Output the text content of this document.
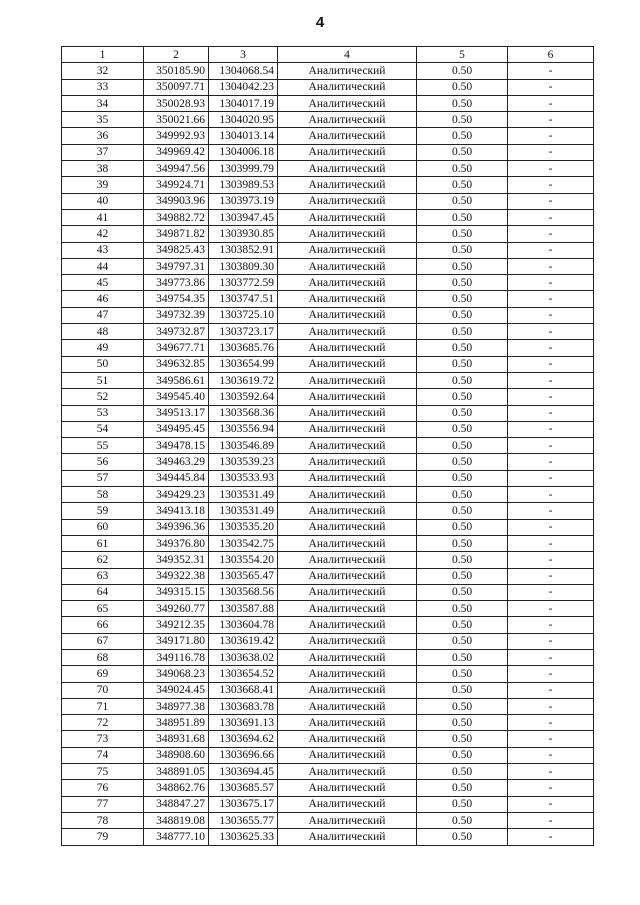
4
1	2	3	4	5	6
32	350185.90	1304068.54	Аналитический	0.50	-
33	350097.71	1304042.23	Аналитический	0.50	-
34	350028.93	1304017.19	Аналитический	0.50	-
35	350021.66	1304020.95	Аналитический	0.50	-
36	349992.93	1304013.14	Аналитический	0.50	-
37	349969.42	1304006.18	Аналитический	0.50	-
38	349947.56	1303999.79	Аналитический	0.50	-
39	349924.71	1303989.53	Аналитический	0.50	-
40	349903.96	1303973.19	Аналитический	0.50	-
41	349882.72	1303947.45	Аналитический	0.50	-
42	349871.82	1303930.85	Аналитический	0.50	-
43	349825.43	1303852.91	Аналитический	0.50	-
44	349797.31	1303809.30	Аналитический	0.50	-
45	349773.86	1303772.59	Аналитический	0.50	-
46	349754.35	1303747.51	Аналитический	0.50	-
47	349732.39	1303725.10	Аналитический	0.50	-
48	349732.87	1303723.17	Аналитический	0.50	-
49	349677.71	1303685.76	Аналитический	0.50	-
50	349632.85	1303654.99	Аналитический	0.50	-
51	349586.61	1303619.72	Аналитический	0.50	-
52	349545.40	1303592.64	Аналитический	0.50	-
53	349513.17	1303568.36	Аналитический	0.50	-
54	349495.45	1303556.94	Аналитический	0.50	-
55	349478.15	1303546.89	Аналитический	0.50	-
56	349463.29	1303539.23	Аналитический	0.50	-
57	349445.84	1303533.93	Аналитический	0.50	-
58	349429.23	1303531.49	Аналитический	0.50	-
59	349413.18	1303531.49	Аналитический	0.50	-
60	349396.36	1303535.20	Аналитический	0.50	-
61	349376.80	1303542.75	Аналитический	0.50	-
62	349352.31	1303554.20	Аналитический	0.50	-
63	349322.38	1303565.47	Аналитический	0.50	-
64	349315.15	1303568.56	Аналитический	0.50	-
65	349260.77	1303587.88	Аналитический	0.50	-
66	349212.35	1303604.78	Аналитический	0.50	-
67	349171.80	1303619.42	Аналитический	0.50	-
68	349116.78	1303638.02	Аналитический	0.50	-
69	349068.23	1303654.52	Аналитический	0.50	-
70	349024.45	1303668.41	Аналитический	0.50	-
71	348977.38	1303683.78	Аналитический	0.50	-
72	348951.89	1303691.13	Аналитический	0.50	-
73	348931.68	1303694.62	Аналитический	0.50	-
74	348908.60	1303696.66	Аналитический	0.50	-
75	348891.05	1303694.45	Аналитический	0.50	-
76	348862.76	1303685.57	Аналитический	0.50	-
77	348847.27	1303675.17	Аналитический	0.50	-
78	348819.08	1303655.77	Аналитический	0.50	-
79	348777.10	1303625.33	Аналитический	0.50	-
